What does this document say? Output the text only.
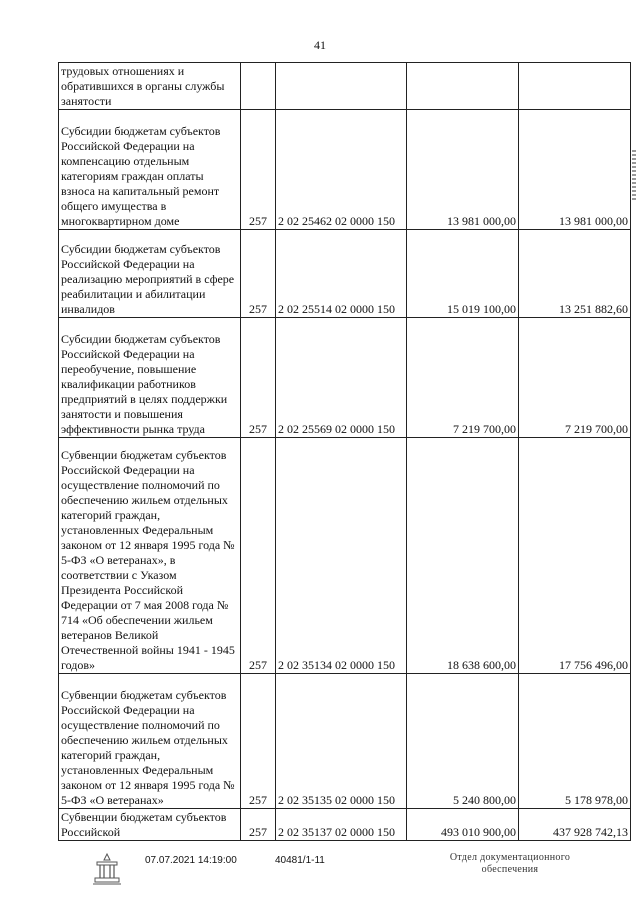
41
трудовых отношениях и обратившихся в органы службы занятости				
Субсидии бюджетам субъектов Российской Федерации на компенсацию отдельным категориям граждан оплаты взноса на капитальный ремонт общего имущества в многоквартирном доме	257	2 02 25462 02 0000 150	13 981 000,00	13 981 000,00
Субсидии бюджетам субъектов Российской Федерации на реализацию мероприятий в сфере реабилитации и абилитации инвалидов	257	2 02 25514 02 0000 150	15 019 100,00	13 251 882,60
Субсидии бюджетам субъектов Российской Федерации на переобучение, повышение квалификации работников предприятий в целях поддержки занятости и повышения эффективности рынка труда	257	2 02 25569 02 0000 150	7 219 700,00	7 219 700,00
Субвенции бюджетам субъектов Российской Федерации на осуществление полномочий по обеспечению жильем отдельных категорий граждан, установленных Федеральным законом от 12 января 1995 года № 5-ФЗ «О ветеранах», в соответствии с Указом Президента Российской Федерации от 7 мая 2008 года № 714 «Об обеспечении жильем ветеранов Великой Отечественной войны 1941 - 1945 годов»	257	2 02 35134 02 0000 150	18 638 600,00	17 756 496,00
Субвенции бюджетам субъектов Российской Федерации на осуществление полномочий по обеспечению жильем отдельных категорий граждан, установленных Федеральным законом от 12 января 1995 года № 5-ФЗ «О ветеранах»	257	2 02 35135 02 0000 150	5 240 800,00	5 178 978,00
Субвенции бюджетам субъектов Российской	257	2 02 35137 02 0000 150	493 010 900,00	437 928 742,13
07.07.2021 14:19:00	40481/1-11	Отдел документационного обеспечения
